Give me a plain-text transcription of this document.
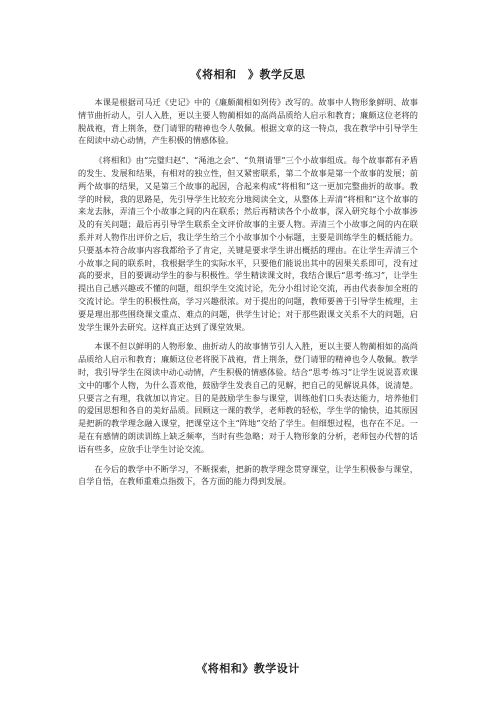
《将相和　》教学反思

本课是根据司马迁《史记》中的《廉颇蔺相如列传》改写的。故事中人物形象鲜明、故事情节曲折动人，引人入胜，更以主要人物蔺相如的高尚品质给人启示和教育；廉颇这位老将的脱战袍，背上荆条，登门请罪的精神也令人敬佩。根据文章的这一特点，我在教学中引导学生在阅读中动心动情，产生积极的情感体验。

《将相和》由“完璧归赵”、“渑池之会”、“负荆请罪”三个小故事组成。每个故事都有矛盾的发生、发展和结果，有相对的独立性，但又紧密联系，第二个故事是第一个故事的发展；前两个故事的结果，又是第三个故事的起因，合起来构成“将相和”这一更加完整曲折的故事。教学的时候，我的思路是，先引导学生比较充分地阅读全文，从整体上弄清“将相和”这个故事的来龙去脉，弄清三个小故事之间的内在联系；然后再精读各个小故事，深入研究每个小故事涉及的有关问题；最后再引导学生联系全文评价故事的主要人物。弄清三个小故事之间的内在联系并对人物作出评价之后，我让学生给三个小故事加个小标题，主要是训练学生的概括能力。只要基本符合故事内容我都给予了肯定，关键是要求学生讲出概括的理由。在让学生弄清三个小故事之间的联系时，我根据学生的实际水平，只要他们能说出其中的因果关系即可，没有过高的要求，目的要调动学生的参与积极性。学生精读课文时，我结合课后“思考·练习”，让学生提出自己感兴趣或不懂的问题，组织学生交流讨论，先分小组讨论交流，再由代表参加全班的交流讨论。学生的积极性高，学习兴趣很浓。对于提出的问题，教师要善于引导学生梳理，主要是理出那些围绕课文重点、难点的问题，供学生讨论；对于那些跟课文关系不大的问题，启发学生课外去研究。这样真正达到了课堂效果。

本课不但以鲜明的人物形象、曲折动人的故事情节引人入胜，更以主要人物蔺相如的高尚品质给人启示和教育；廉颇这位老将脱下战袍，背上荆条，登门请罪的精神也令人敬佩。教学时，我引导学生在阅读中动心动情，产生积极的情感体验。结合“思考·练习”让学生说说喜欢课文中的哪个人物，为什么喜欢他，鼓励学生发表自己的见解，把自己的见解说具体，说清楚。只要言之有理，我就加以肯定。目的是鼓励学生参与课堂，训练他们口头表达能力，培养他们的爱国思想和各自的美好品质。回顾这一课的教学，老师教的轻松，学生学的愉快，追其原因是把新的教学理念融入课堂，把课堂这个主“阵地”交给了学生。但细想过程，也存在不足。一是在有感情的朗读训练上缺乏频率，当时有些急略；对于人物形象的分析，老师包办代替的话语有些多，应放手让学生讨论交流。

在今后的教学中不断学习，不断探索，把新的教学理念贯穿课堂，让学生积极参与课堂，自学自悟，在教师重难点指拨下，各方面的能力得到发展。

《将相和》教学设计
